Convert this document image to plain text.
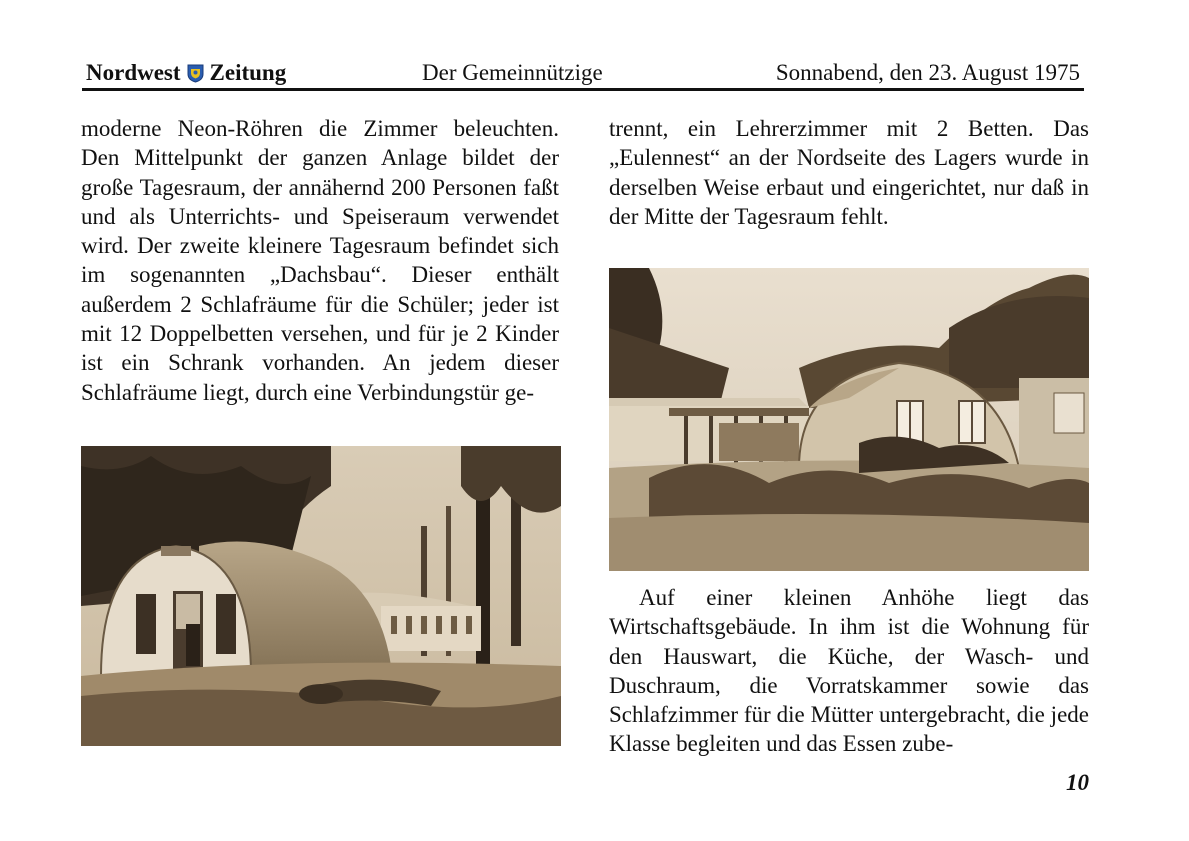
Nordwest Zeitung	Der Gemeinnützige	Sonnabend, den 23. August 1975

moderne Neon-Röhren die Zimmer beleuchten. Den Mittelpunkt der ganzen Anlage bildet der große Tagesraum, der annähernd 200 Personen faßt und als Unterrichts- und Speiseraum verwendet wird. Der zweite kleinere Tagesraum befindet sich im sogenannten „Dachsbau“. Dieser enthält außerdem 2 Schlafräume für die Schüler; jeder ist mit 12 Doppelbetten versehen, und für je 2 Kinder ist ein Schrank vorhanden. An jedem dieser Schlafräume liegt, durch eine Verbindungstür ge-

trennt, ein Lehrerzimmer mit 2 Betten. Das „Eulennest“ an der Nordseite des Lagers wurde in derselben Weise erbaut und eingerichtet, nur daß in der Mitte der Tagesraum fehlt.

Auf einer kleinen Anhöhe liegt das Wirtschaftsgebäude. In ihm ist die Wohnung für den Hauswart, die Küche, der Wasch- und Duschraum, die Vorratskammer sowie das Schlafzimmer für die Mütter untergebracht, die jede Klasse begleiten und das Essen zube-

10
